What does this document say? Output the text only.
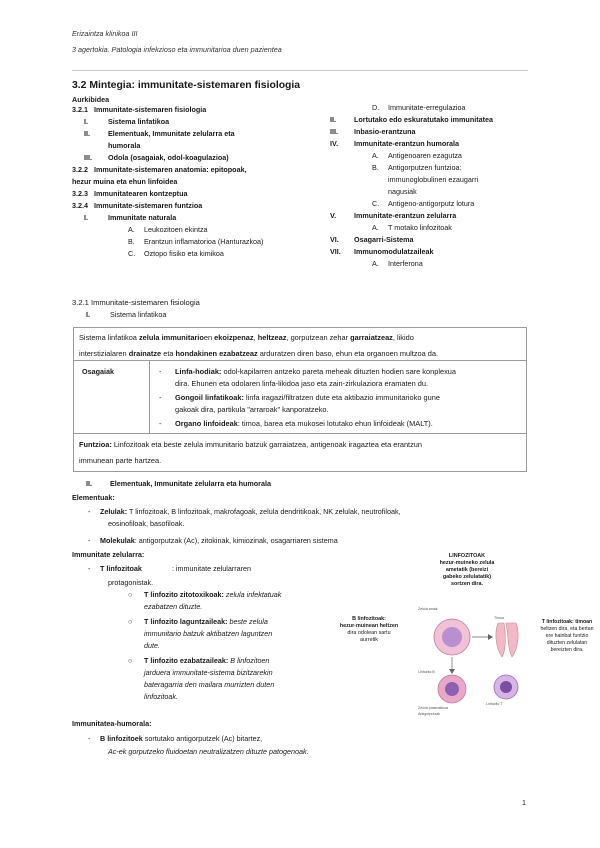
Erizaintza klinikoa III
3 agertokia. Patologia infekzioso eta immunitarioa duen pazientea
3.2 Mintegia: immunitate-sistemaren fisiologia
Aurkibidea
3.2.1 Immunitate-sistemaren fisiologia
I.	Sistema linfatikoa
II.	Elementuak, Immunitate zelularra eta
humorala
III.	Odola (osagaiak, odol-koagulazioa)
3.2.2 Immunitate-sistemaren anatomia: epitopoak,
hezur muina eta ehun linfoidea
3.2.3 Immunitatearen kontzeptua
3.2.4 Immunitate-sistemaren funtzioa
I.	Immunitate naturala
A.	Leukozitoen ekintza
B.	Erantzun inflamatorioa (Hanturazkoa)
C.	Oztopo fisiko eta kimikoa
D.	Immunitate-erregulazioa
II.	Lortutako edo eskuratutako immunitatea
III.	Inbasio-erantzuna
IV.	Immunitate-erantzun humorala
A.	Antigenoaren ezagutza
B.	Antigorputzen funtzioa:
immunoglobulinen ezaugarri
nagusiak
C.	Antigeno-antigorputz lotura
V.	Immunitate-erantzun zelularra
A.	T motako linfozitoak
VI.	Osagarri-Sistema
VII.	Immunomodulatzaileak
A.	Interferona
3.2.1 Immunitate-sistemaren fisiologia
I.	Sistema linfatikoa
Sistema linfatikoa zelula immunitarioen ekoizpenaz, heltzeaz, gorputzean zehar garraiatzeaz, likido
interstizialaren drainatze eta hondakinen ezabatzeaz arduratzen diren baso, ehun eta organoen multzoa da.
Osagaiak	-	Linfa-hodiak: odol-kapilarren antzeko pareta meheak dituzten hodien sare konplexua
dira. Ehunen eta odolaren linfa-likidoa jaso eta zain-zirkulaziora eramaten du.
-	Gongoil linfatikoak: linfa iragazi/filtratzen dute eta aktibazio immunitarioko gune
gakoak dira, partikula "arraroak" kanporatzeko.
-	Organo linfoideak: timoa, barea eta mukosei lotutako ehun linfoideak (MALT).
Funtzioa: Linfozitoak eta beste zelula immunitario batzuk garraiatzea, antigenoak iragaztea eta erantzun
immunean parte hartzea.
II.	Elementuak, Immunitate zelularra eta humorala
Elementuak:
- Zelulak: T linfozitoak, B linfozitoak, makrofagoak, zelula dendritikoak, NK zelulak, neutrofiloak,
eosinofiloak, basofiloak.
- Molekulak: antigorputzak (Ac), zitokinak, kimiozinak, osagarriaren sistema
Immunitate zelularra:
- T linfozitoak	: immunitate zelularraren
protagonistak.
○ T linfozito zitotoxikoak: zelula infektatuak
ezabatzen dituzte.
○ T linfozito laguntzaileak: beste zelula
immunitario batzuk aktibatzen laguntzen
dute.
○ T linfozito ezabatzaileak: B linfozitoen
jarduera immunitate-sistema bizitzarekin
bateragarria den mailara murrizten duten
linfozitoak.
Immunitatea-humorala:
- B linfozitoek sortutako antigorputzek (Ac) bitartez,
Ac-ek gorputzeko fluidoetan neutralizatzen dituzte patogenoak.
LINFOZITOAK
hezur-muineko zelula
ametatik (bereizi
gabeko zelulatatik)
sortzen dira.
B linfozitoak:
hezur-muinean heltzen
dira odolean sartu
aurretik
T linfozitoak: timoan
heltzen dira, eta bertan
ere hainbat funtzio
dituzten zelulatan
bereizten dira.
Zelula amak
Linfozito B
Linfozito T
Zelula plasmatikoa
Antigorputzak
Timoa
1
